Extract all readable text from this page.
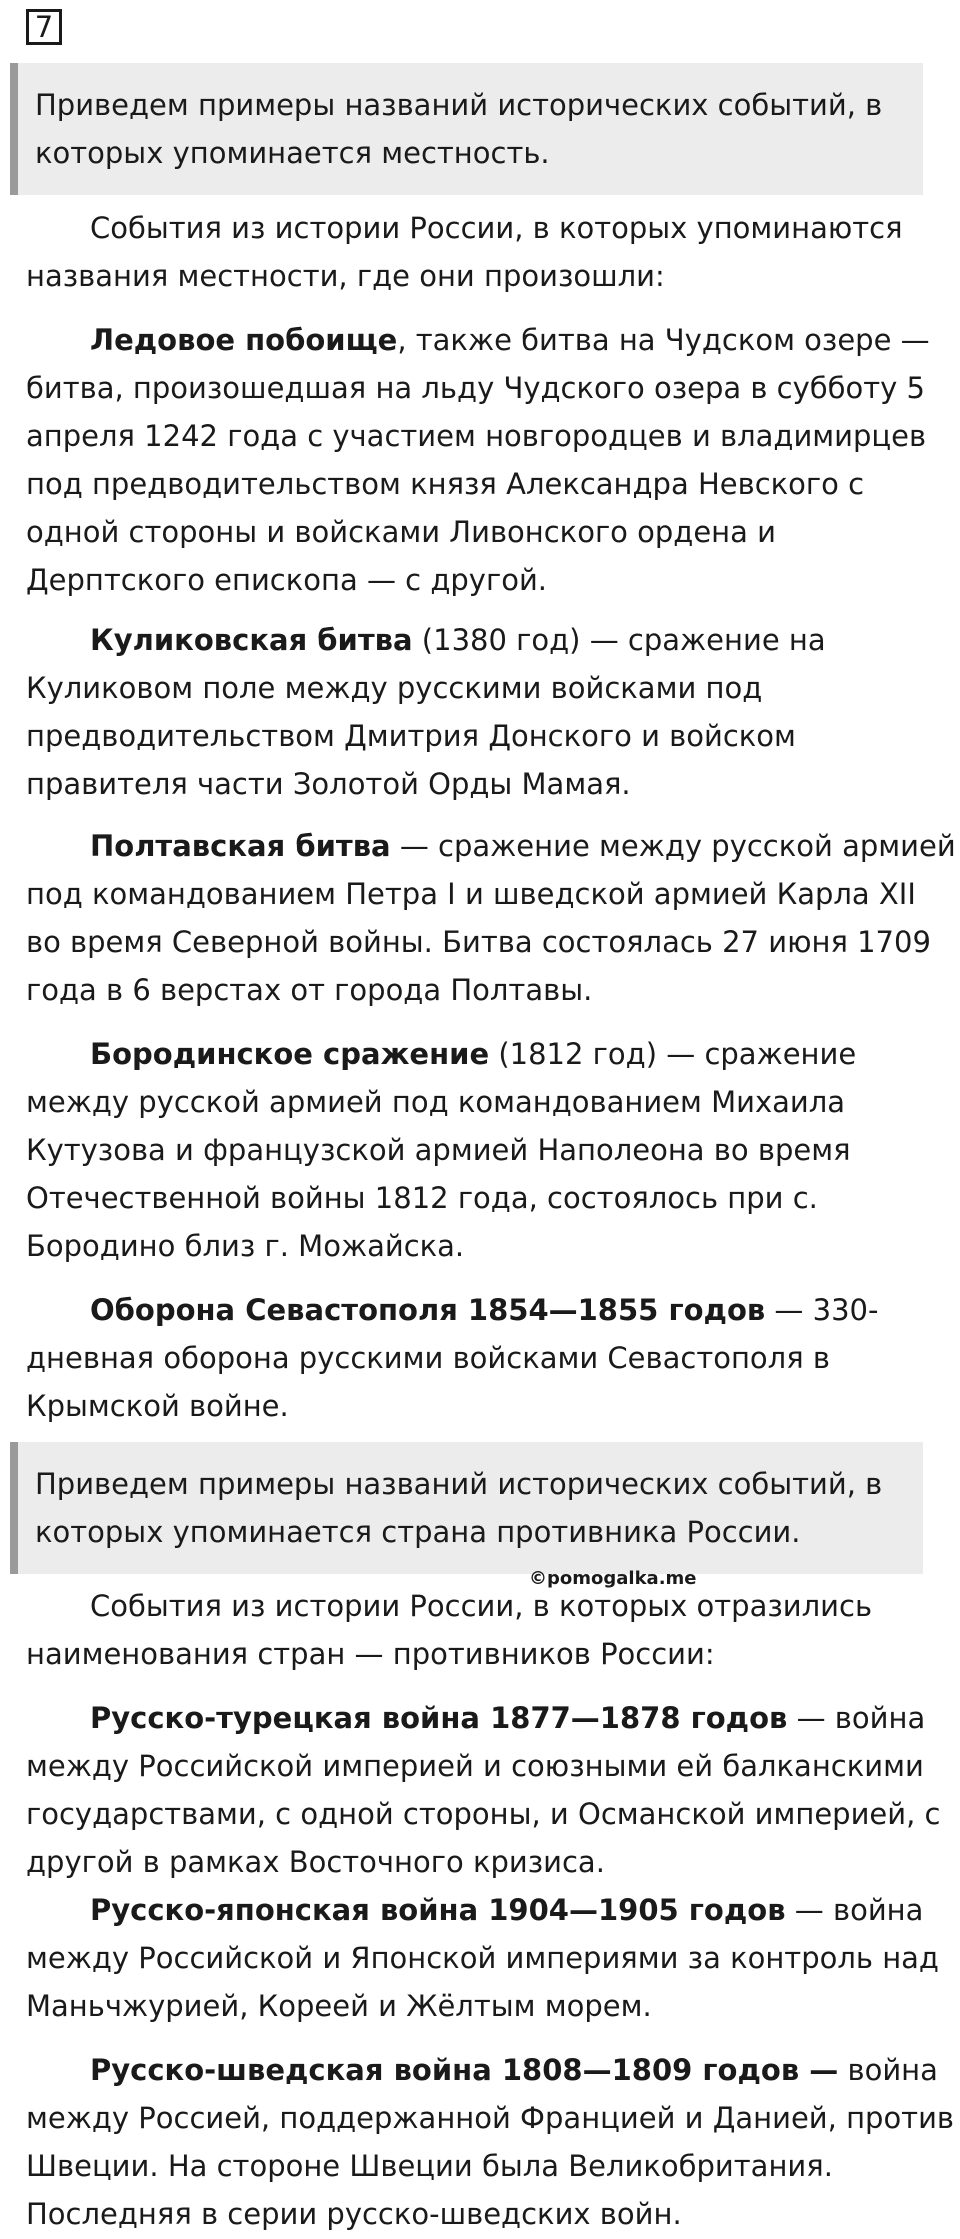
7
Приведем примеры названий исторических событий, в которых упоминается местность.

События из истории России, в которых упоминаются названия местности, где они произошли:

Ледовое побоище, также битва на Чудском озере — битва, произошедшая на льду Чудского озера в субботу 5 апреля 1242 года с участием новгородцев и владимирцев под предводительством князя Александра Невского с одной стороны и войсками Ливонского ордена и Дерптского епископа — с другой.

Куликовская битва (1380 год) — сражение на Куликовом поле между русскими войсками под предводительством Дмитрия Донского и войском правителя части Золотой Орды Мамая.

Полтавская битва — сражение между русской армией под командованием Петра I и шведской армией Карла XII во время Северной войны. Битва состоялась 27 июня 1709 года в 6 верстах от города Полтавы.

Бородинское сражение (1812 год) — сражение между русской армией под командованием Михаила Кутузова и французской армией Наполеона во время Отечественной войны 1812 года, состоялось при с. Бородино близ г. Можайска.

Оборона Севастополя 1854—1855 годов — 330-дневная оборона русскими войсками Севастополя в Крымской войне.

Приведем примеры названий исторических событий, в которых упоминается страна противника России.
©pomogalka.me

События из истории России, в которых отразились наименования стран — противников России:

Русско-турецкая война 1877—1878 годов — война между Российской империей и союзными ей балканскими государствами, с одной стороны, и Османской империей, с другой в рамках Восточного кризиса.

Русско-японская война 1904—1905 годов — война между Российской и Японской империями за контроль над Маньчжурией, Кореей и Жёлтым морем.

Русско-шведская война 1808—1809 годов — война между Россией, поддержанной Францией и Данией, против Швеции. На стороне Швеции была Великобритания. Последняя в серии русско-шведских войн.
